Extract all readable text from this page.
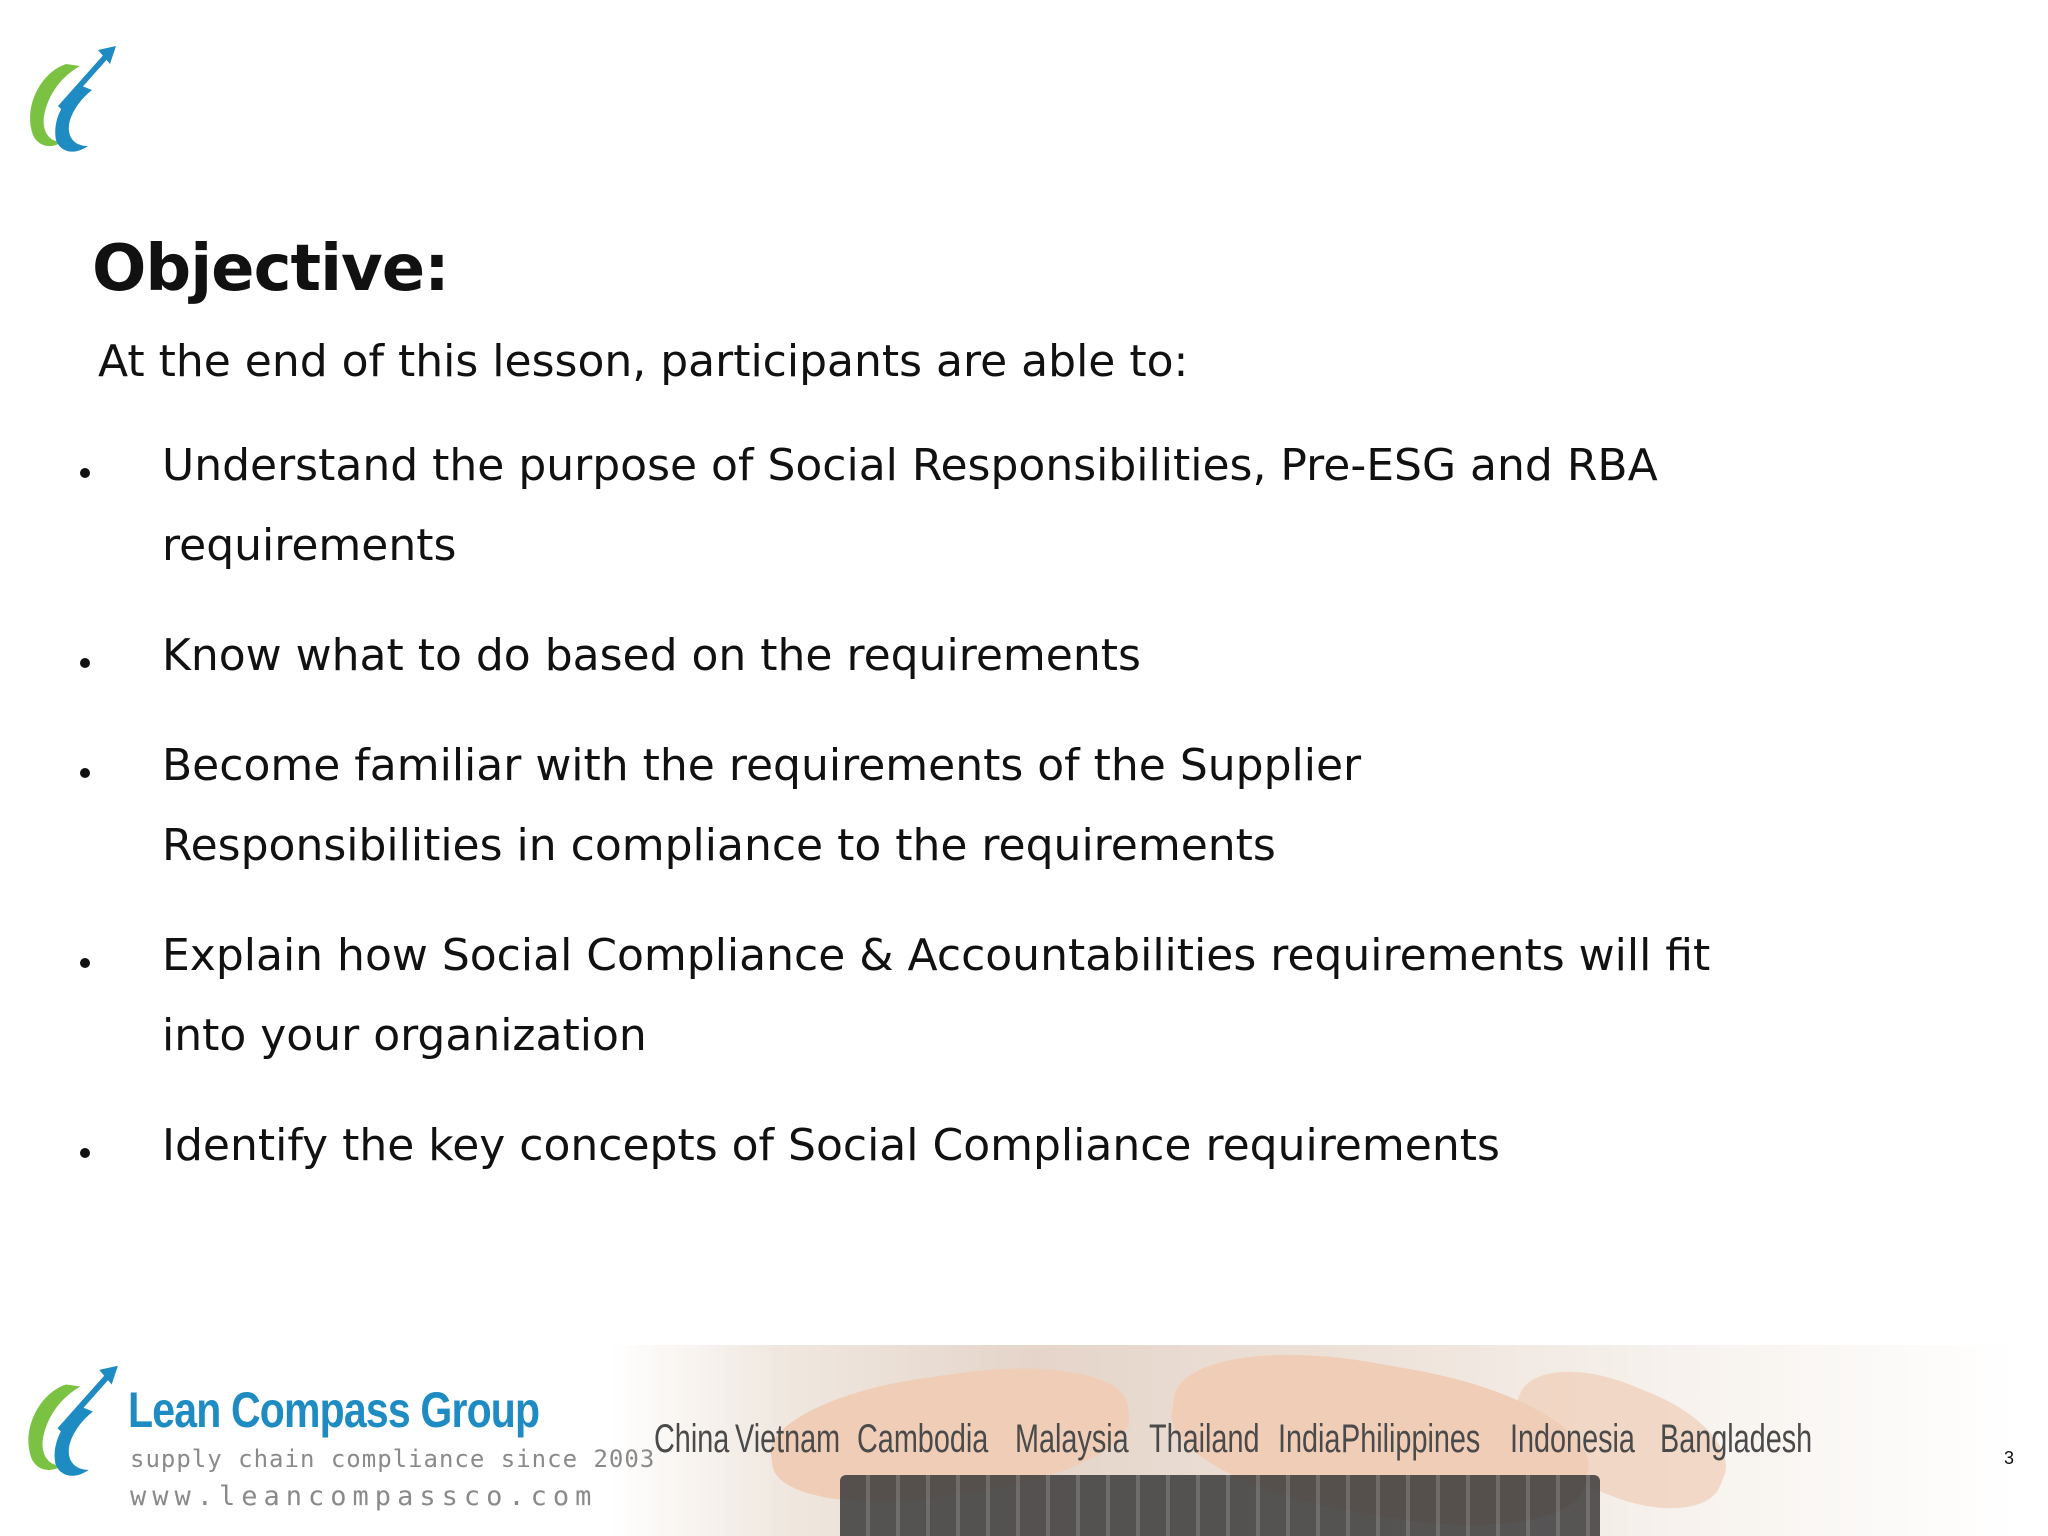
Objective:

At the end of this lesson, participants are able to:

Understand the purpose of Social Responsibilities, Pre-ESG and RBA requirements
Know what to do based on the requirements
Become familiar with the requirements of the Supplier Responsibilities in compliance to the requirements
Explain how Social Compliance & Accountabilities requirements will fit into your organization
Identify the key concepts of Social Compliance requirements
Lean Compass Group
supply chain compliance since 2003
www.leancompassco.com
China Vietnam Cambodia Malaysia Thailand India Philippines Indonesia Bangladesh	3
